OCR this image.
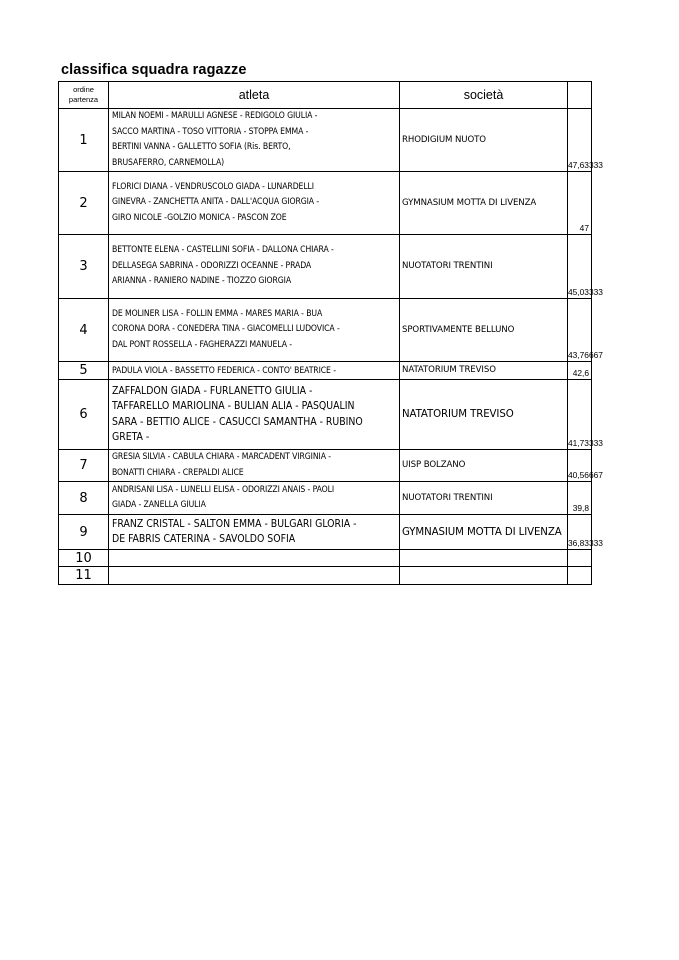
classifica squadra ragazze
ordine
partenza	atleta	società	
1	MILAN NOEMI - MARULLI AGNESE - REDIGOLO GIULIA -
SACCO MARTINA - TOSO VITTORIA - STOPPA EMMA -
BERTINI VANNA - GALLETTO SOFIA (Ris. BERTO,
BRUSAFERRO, CARNEMOLLA)	RHODIGIUM NUOTO	47,63333
2	FLORICI DIANA - VENDRUSCOLO GIADA - LUNARDELLI
GINEVRA - ZANCHETTA ANITA - DALL'ACQUA GIORGIA -
GIRO NICOLE -GOLZIO MONICA - PASCON ZOE	GYMNASIUM MOTTA DI LIVENZA	47
3	BETTONTE ELENA - CASTELLINI SOFIA - DALLONA CHIARA -
DELLASEGA SABRINA - ODORIZZI OCEANNE - PRADA
ARIANNA - RANIERO NADINE - TIOZZO GIORGIA	NUOTATORI TRENTINI	45,03333
4	DE MOLINER LISA - FOLLIN EMMA - MARES MARIA - BUA
CORONA DORA - CONEDERA TINA - GIACOMELLI LUDOVICA -
DAL PONT ROSSELLA - FAGHERAZZI MANUELA -	SPORTIVAMENTE BELLUNO	43,76667
5	PADULA VIOLA - BASSETTO FEDERICA - CONTO' BEATRICE -	NATATORIUM TREVISO	42,6
6	ZAFFALDON GIADA - FURLANETTO GIULIA -
TAFFARELLO MARIOLINA - BULIAN ALIA - PASQUALIN
SARA - BETTIO ALICE - CASUCCI SAMANTHA - RUBINO
GRETA -	NATATORIUM TREVISO	41,73333
7	GRESIA SILVIA - CABULA CHIARA - MARCADENT VIRGINIA -
BONATTI CHIARA - CREPALDI ALICE	UISP BOLZANO	40,56667
8	ANDRISANI LISA - LUNELLI ELISA - ODORIZZI ANAIS - PAOLI
GIADA - ZANELLA GIULIA	NUOTATORI TRENTINI	39,8
9	FRANZ CRISTAL - SALTON EMMA - BULGARI GLORIA -
DE FABRIS CATERINA - SAVOLDO SOFIA	GYMNASIUM MOTTA DI LIVENZA	36,83333
10			
11			
